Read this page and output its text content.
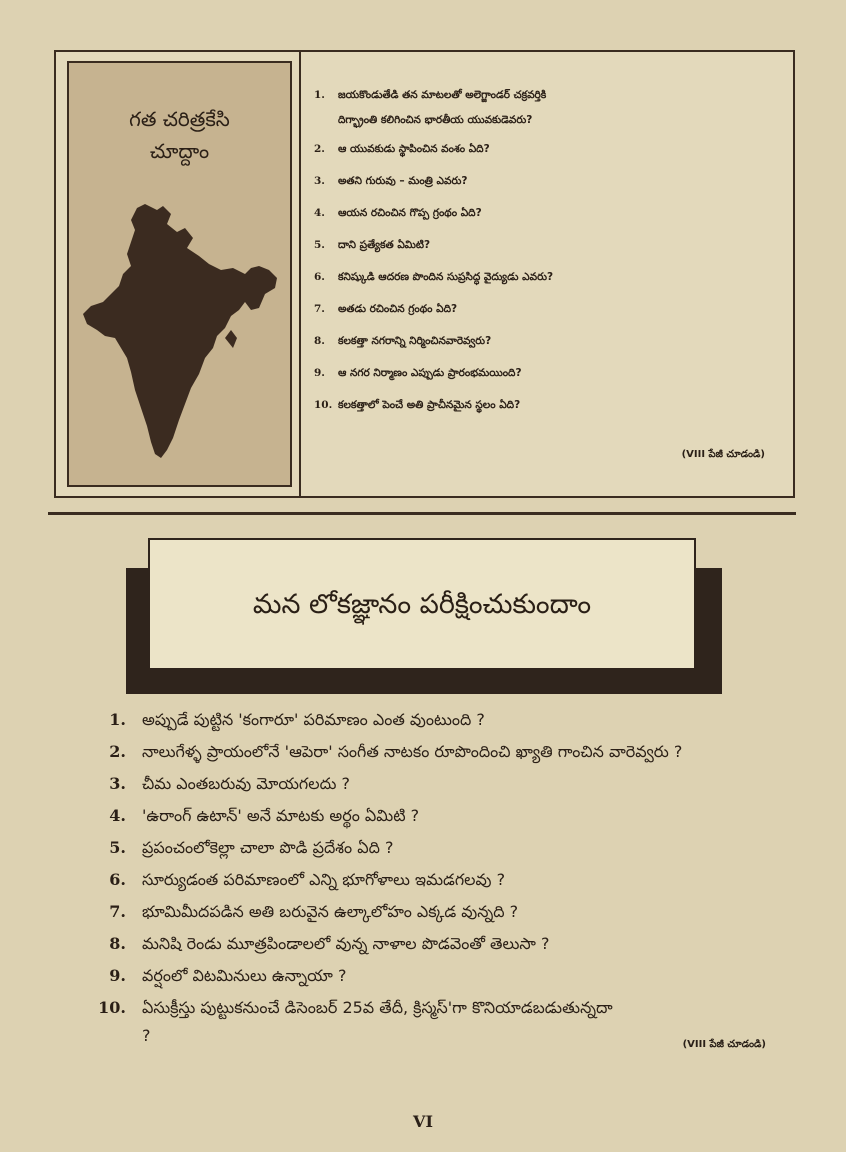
గత చరిత్రకేసి
చూద్దాం
1. జయకొండుతేడి తన మాటలతో అలెగ్జాండర్ చక్రవర్తికి
దిగ్భ్రాంతి కలిగించిన భారతీయ యువకుడెవరు?
2. ఆ యువకుడు స్థాపించిన వంశం ఏది?
3. అతని గురువు – మంత్రి ఎవరు?
4. ఆయన రచించిన గొప్ప గ్రంథం ఏది?
5. దాని ప్రత్యేకత ఏమిటి?
6. కనిష్కుడి ఆదరణ పొందిన సుప్రసిద్ధ వైద్యుడు ఎవరు?
7. అతడు రచించిన గ్రంథం ఏది?
8. కలకత్తా నగరాన్ని నిర్మించినవారెవ్వరు?
9. ఆ నగర నిర్మాణం ఎప్పుడు ప్రారంభమయింది?
10. కలకత్తాలో పెంచే అతి ప్రాచీనమైన స్థలం ఏది?
(VIII పేజీ చూడండి)
మన లోకజ్ఞానం పరీక్షించుకుందాం
1. అప్పుడే పుట్టిన 'కంగారూ' పరిమాణం ఎంత వుంటుంది ?
2. నాలుగేళ్ళ ప్రాయంలోనే 'ఆపెరా' సంగీత నాటకం రూపొందించి ఖ్యాతి గాంచిన వారెవ్వరు ?
3. చీమ ఎంతబరువు మోయగలదు ?
4. 'ఉరాంగ్ ఉటాన్' అనే మాటకు అర్థం ఏమిటి ?
5. ప్రపంచంలోకెల్లా చాలా పొడి ప్రదేశం ఏది ?
6. సూర్యుడంత పరిమాణంలో ఎన్ని భూగోళాలు ఇమడగలవు ?
7. భూమిమీదపడిన అతి బరువైన ఉల్కాలోహం ఎక్కడ వున్నది ?
8. మనిషి రెండు మూత్రపిండాలలో వున్న నాళాల పొడవెంతో తెలుసా ?
9. వర్షంలో విటమినులు ఉన్నాయా ?
10. ఏసుక్రీస్తు పుట్టుకనుంచే డిసెంబర్ 25వ తేదీ, క్రిస్మస్'గా కొనియాడబడుతున్నదా ?	(VIII పేజీ చూడండి)
VI
